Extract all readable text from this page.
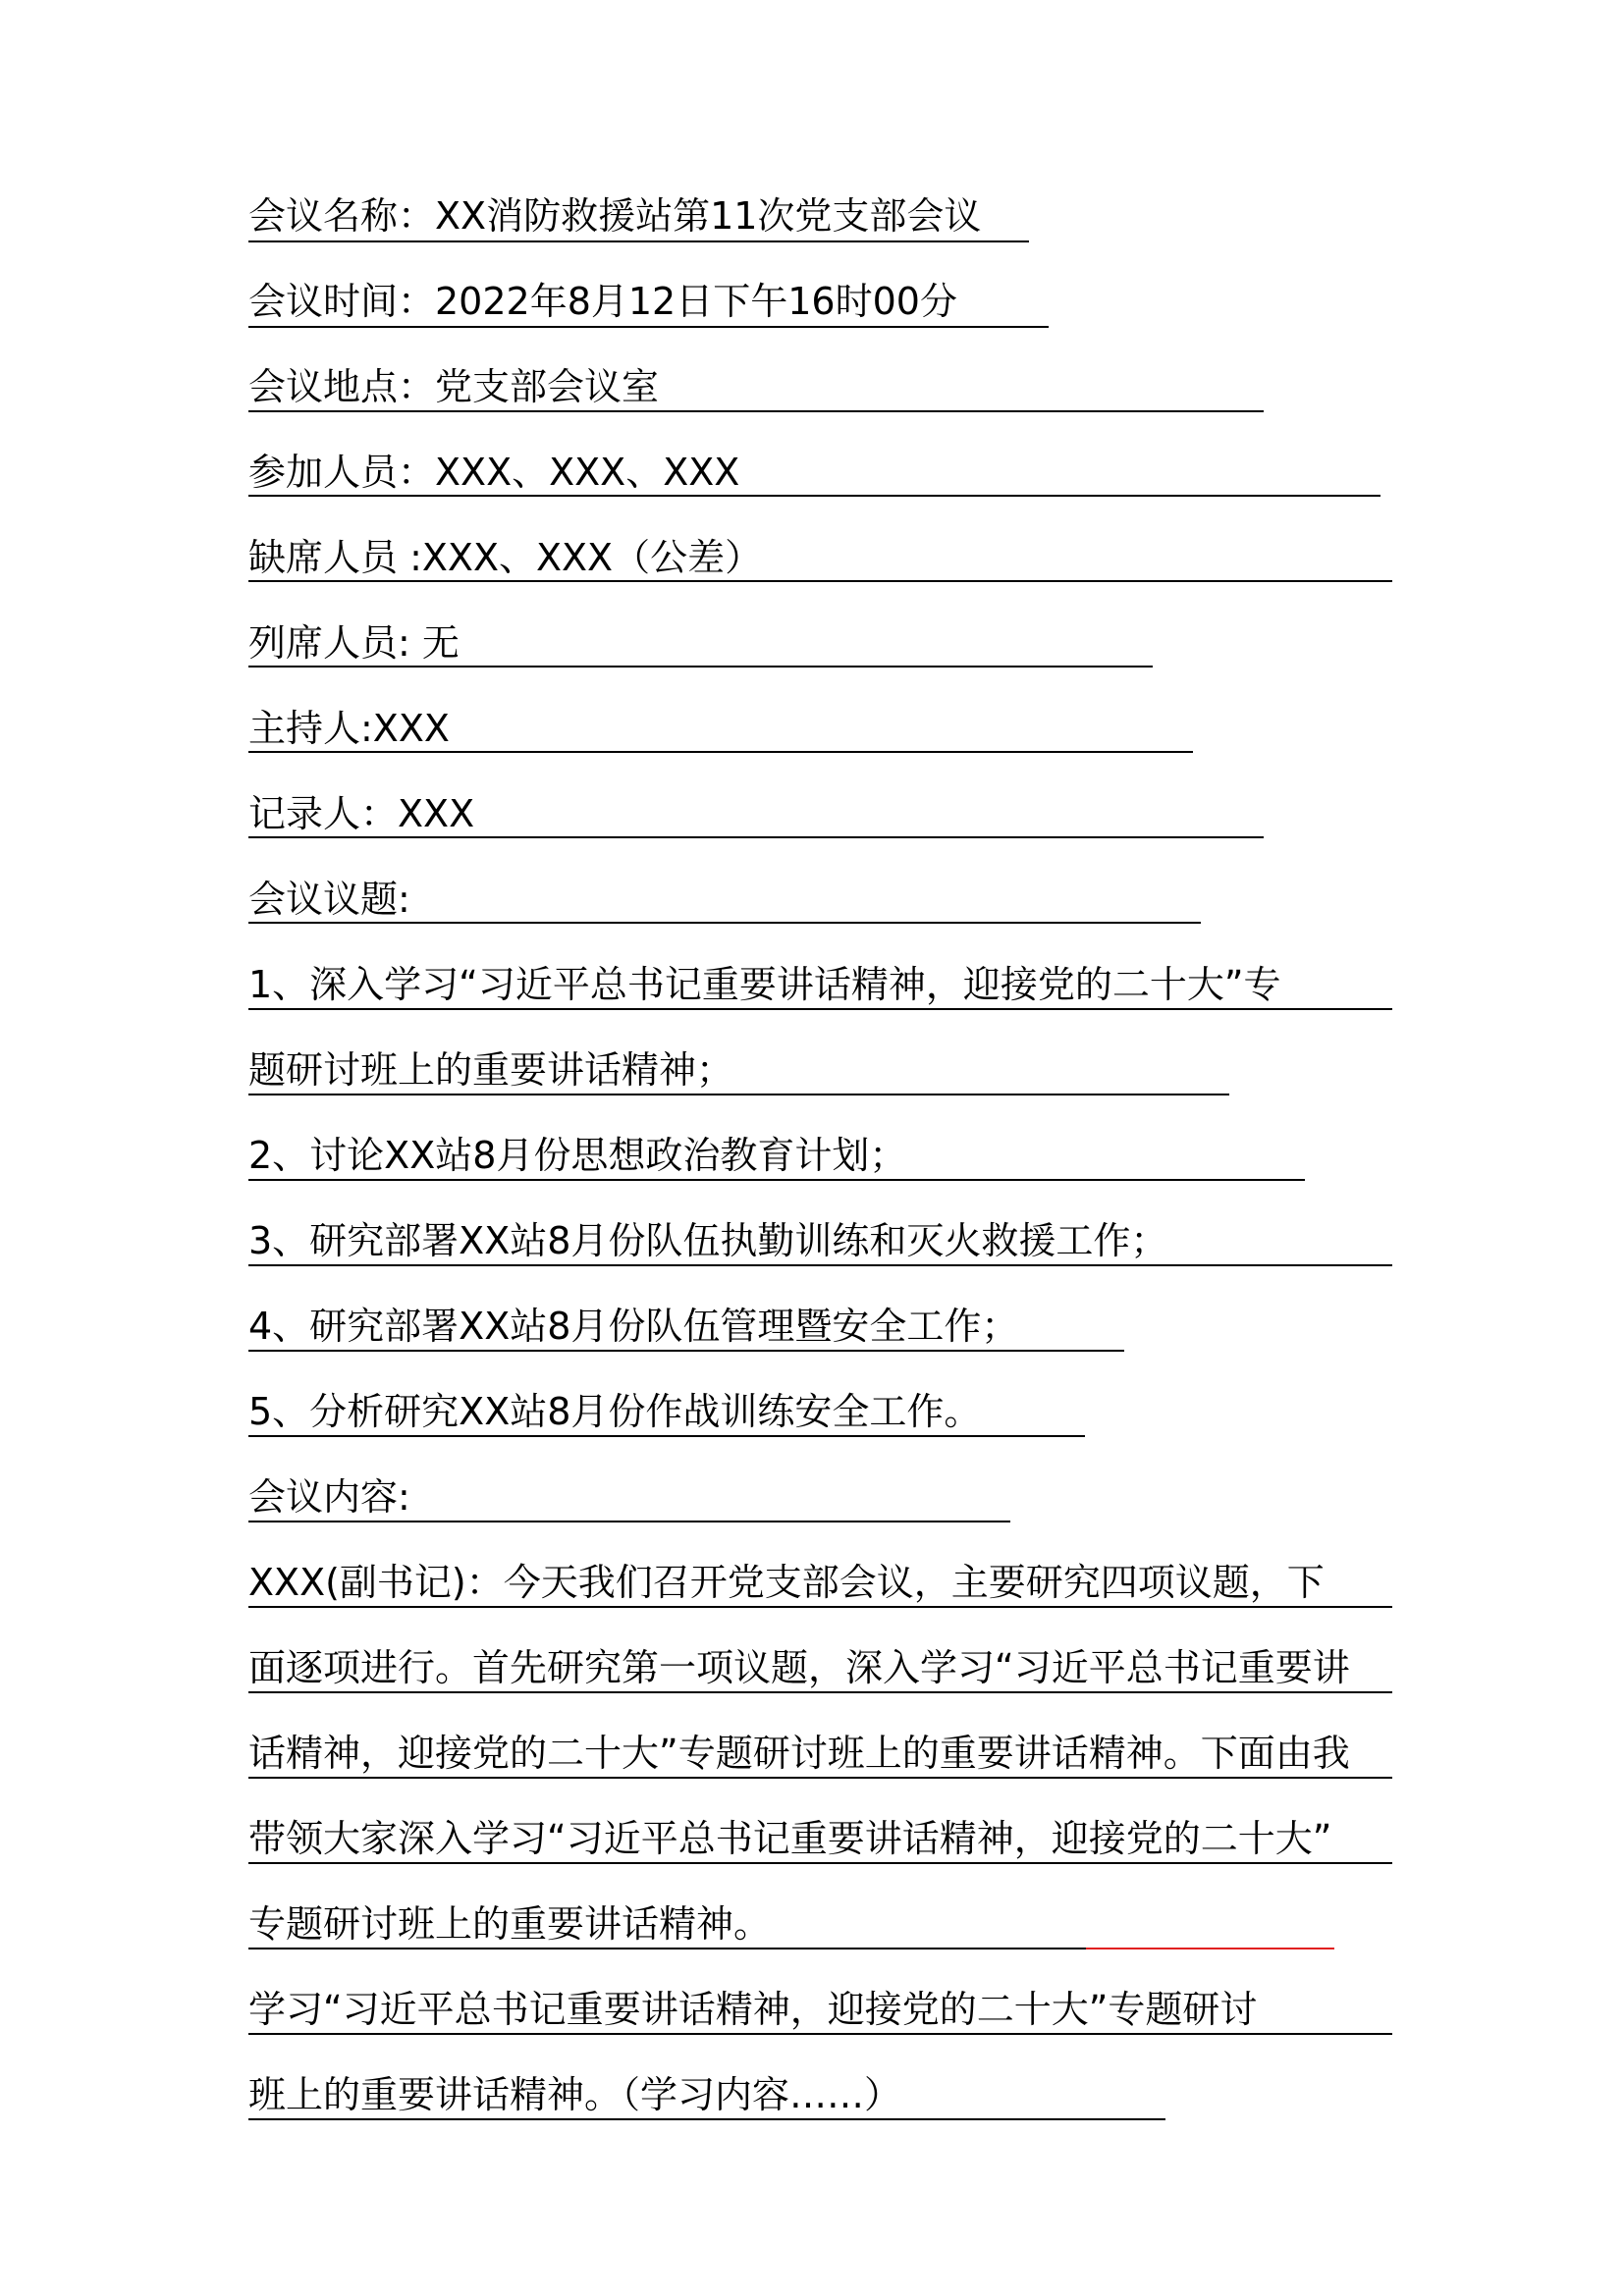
会议名称：XX消防救援站第11次党支部会议
会议时间：2022年8月12日下午16时00分
会议地点：党支部会议室
参加人员：XXX、XXX、XXX
缺席人员 :XXX、XXX（公差）
列席人员: 无
主持人:XXX
记录人：XXX
会议议题:
1、深入学习“习近平总书记重要讲话精神，迎接党的二十大”专
题研讨班上的重要讲话精神；
2、讨论XX站8月份思想政治教育计划；
3、研究部署XX站8月份队伍执勤训练和灭火救援工作；
4、研究部署XX站8月份队伍管理暨安全工作；
5、分析研究XX站8月份作战训练安全工作。
会议内容:
XXX(副书记)：今天我们召开党支部会议，主要研究四项议题，下
面逐项进行。首先研究第一项议题，深入学习“习近平总书记重要讲
话精神，迎接党的二十大”专题研讨班上的重要讲话精神。下面由我
带领大家深入学习“习近平总书记重要讲话精神，迎接党的二十大”
专题研讨班上的重要讲话精神。
学习“习近平总书记重要讲话精神，迎接党的二十大”专题研讨
班上的重要讲话精神。（学习内容……）
